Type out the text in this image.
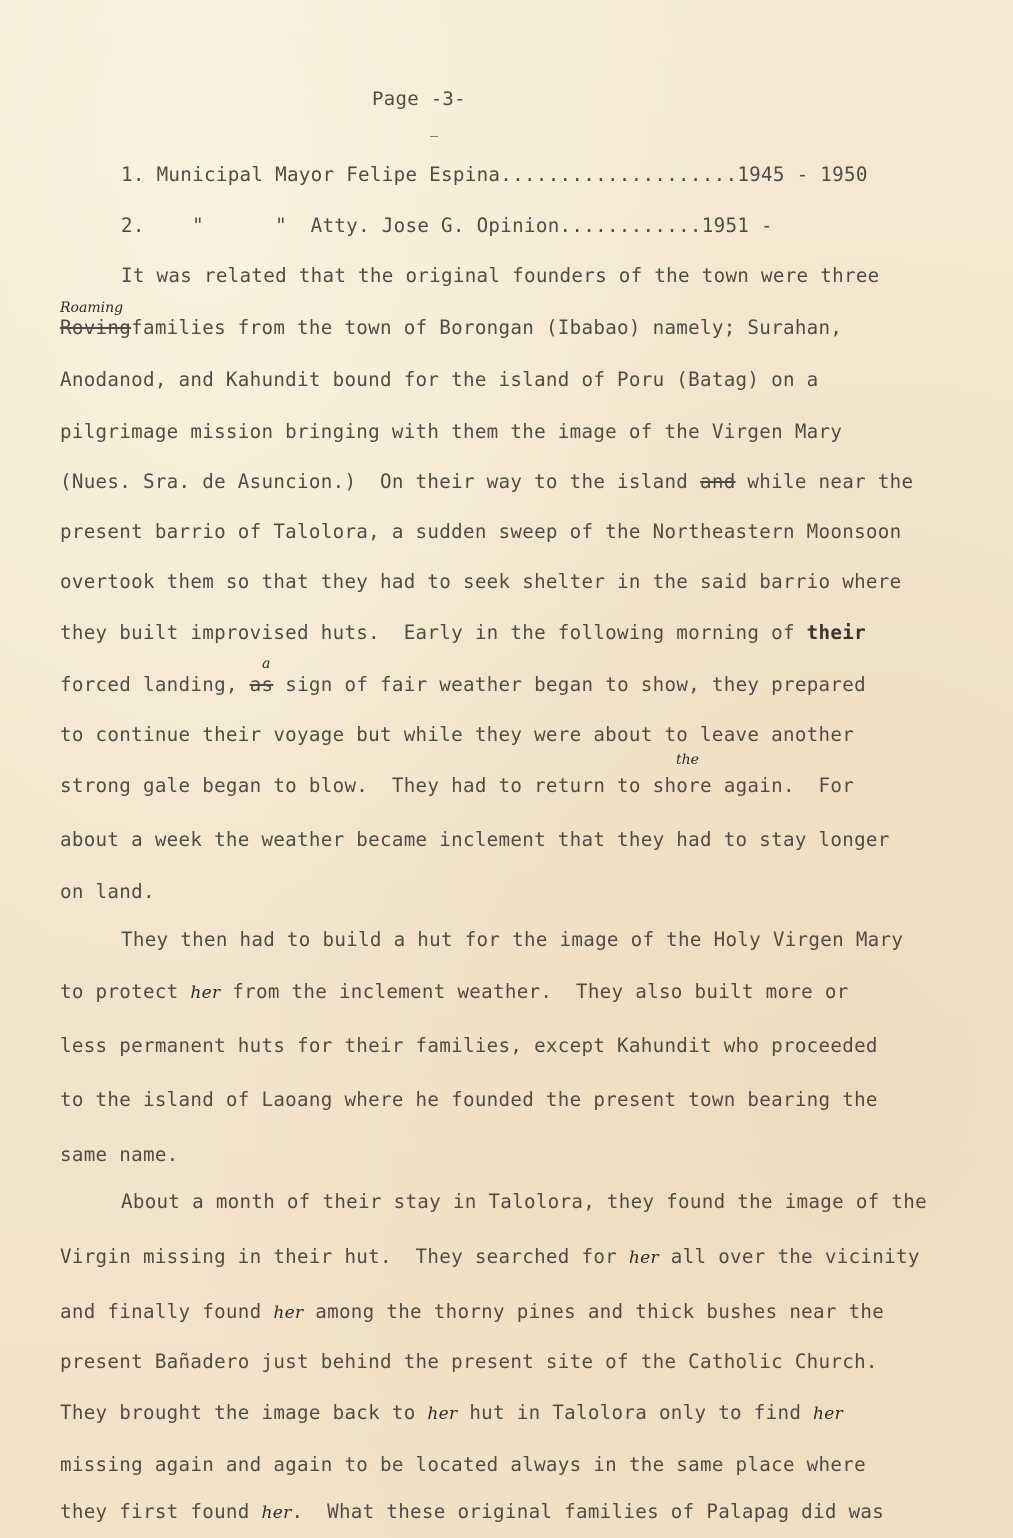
Page -3-
1. Municipal Mayor Felipe Espina....................1945 - 1950
2. "      "  Atty. Jose G. Opinion............1951 -
It was related that the original founders of the town were three
Roaming
Rovingfamilies from the town of Borongan (Ibabao) namely; Surahan,
Anodanod, and Kahundit bound for the island of Poru (Batag) on a
pilgrimage mission bringing with them the image of the Virgen Mary
(Nues. Sra. de Asuncion.)  On their way to the island and while near the
present barrio of Talolora, a sudden sweep of the Northeastern Moonsoon
overtook them so that they had to seek shelter in the said barrio where
they built improvised huts.  Early in the following morning of their
a
forced landing, as sign of fair weather began to show, they prepared
to continue their voyage but while they were about to leave another
the
strong gale began to blow.  They had to return to shore again.  For
about a week the weather became inclement that they had to stay longer
on land.
They then had to build a hut for the image of the Holy Virgen Mary
to protect her from the inclement weather.  They also built more or
less permanent huts for their families, except Kahundit who proceeded
to the island of Laoang where he founded the present town bearing the
same name.
About a month of their stay in Talolora, they found the image of the
Virgin missing in their hut.  They searched for her all over the vicinity
and finally found her among the thorny pines and thick bushes near the
present Bañadero just behind the present site of the Catholic Church.
They brought the image back to her hut in Talolora only to find her
missing again and again to be located always in the same place where
they first found her.  What these original families of Palapag did was
